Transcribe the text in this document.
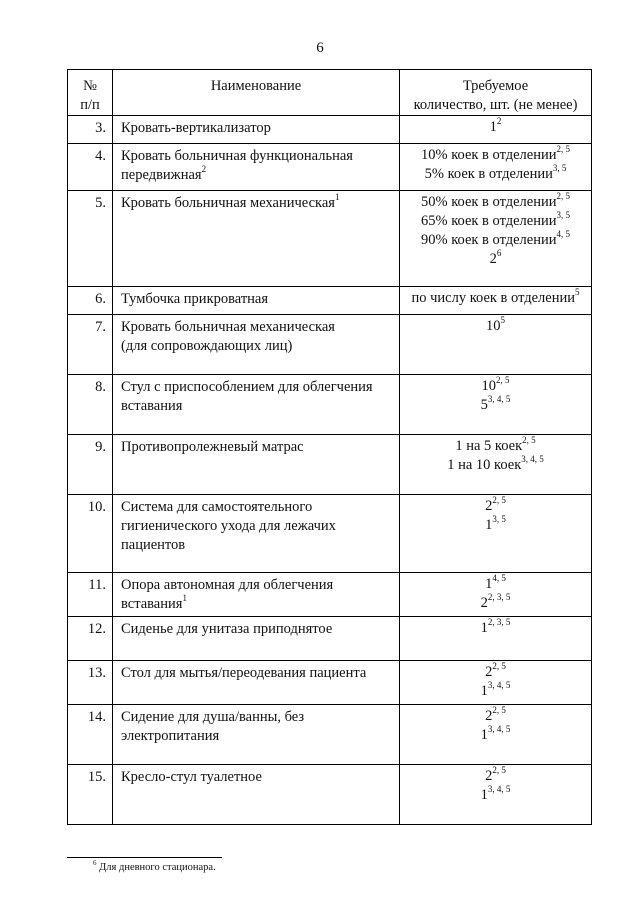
6
№
п/п	Наименование	Требуемое
количество, шт. (не менее)

3.	Кровать-вертикализатор	$1^2$

4.	Кровать больничная функциональная
передвижная$^2$	10% коек в отделении$^{2, 5}$
5% коек в отделении$^{3, 5}$

5.	Кровать больничная механическая$^1$	50% коек в отделении$^{2, 5}$
65% коек в отделении$^{3, 5}$
90% коек в отделении$^{4, 5}$
$2^6$

6.	Тумбочка прикроватная	по числу коек в отделении$^5$

7.	Кровать больничная механическая
(для сопровождающих лиц)	$10^5$

8.	Стул с приспособлением для облегчения
вставания	10$^{2, 5}$
5$^{3, 4, 5}$

9.	Противопролежневый матрас	1 на 5 коек$^{2, 5}$
1 на 10 коек$^{3, 4, 5}$

10.	Система для самостоятельного
гигиенического ухода для лежачих
пациентов	2$^{2, 5}$
1$^{3, 5}$

11.	Опора автономная для облегчения
вставания$^1$	1$^{4, 5}$
2$^{2, 3, 5}$

12.	Сиденье для унитаза приподнятое	1$^{2, 3, 5}$

13.	Стол для мытья/переодевания пациента	2$^{2, 5}$
1$^{3, 4, 5}$

14.	Сидение для душа/ванны, без
электропитания	2$^{2, 5}$
1$^{3, 4, 5}$

15.	Кресло-стул туалетное	2$^{2, 5}$
1$^{3, 4, 5}$
$^6$ Для дневного стационара.
